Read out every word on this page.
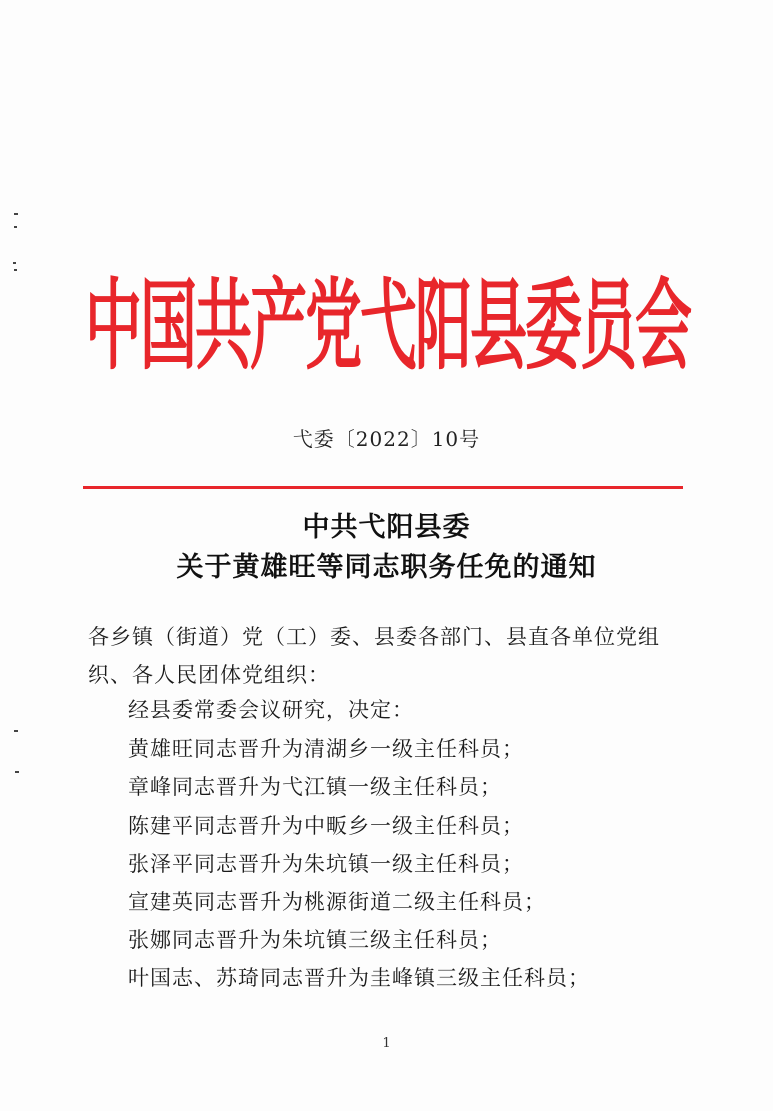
中国共产党弋阳县委员会
弋委〔2022〕10号
中共弋阳县委
关于黄雄旺等同志职务任免的通知
各乡镇（街道）党（工）委、县委各部门、县直各单位党组织、各人民团体党组织：
经县委常委会议研究，决定：
黄雄旺同志晋升为清湖乡一级主任科员；
章峰同志晋升为弋江镇一级主任科员；
陈建平同志晋升为中畈乡一级主任科员；
张泽平同志晋升为朱坑镇一级主任科员；
宣建英同志晋升为桃源街道二级主任科员；
张娜同志晋升为朱坑镇三级主任科员；
叶国志、苏琦同志晋升为圭峰镇三级主任科员；
1
